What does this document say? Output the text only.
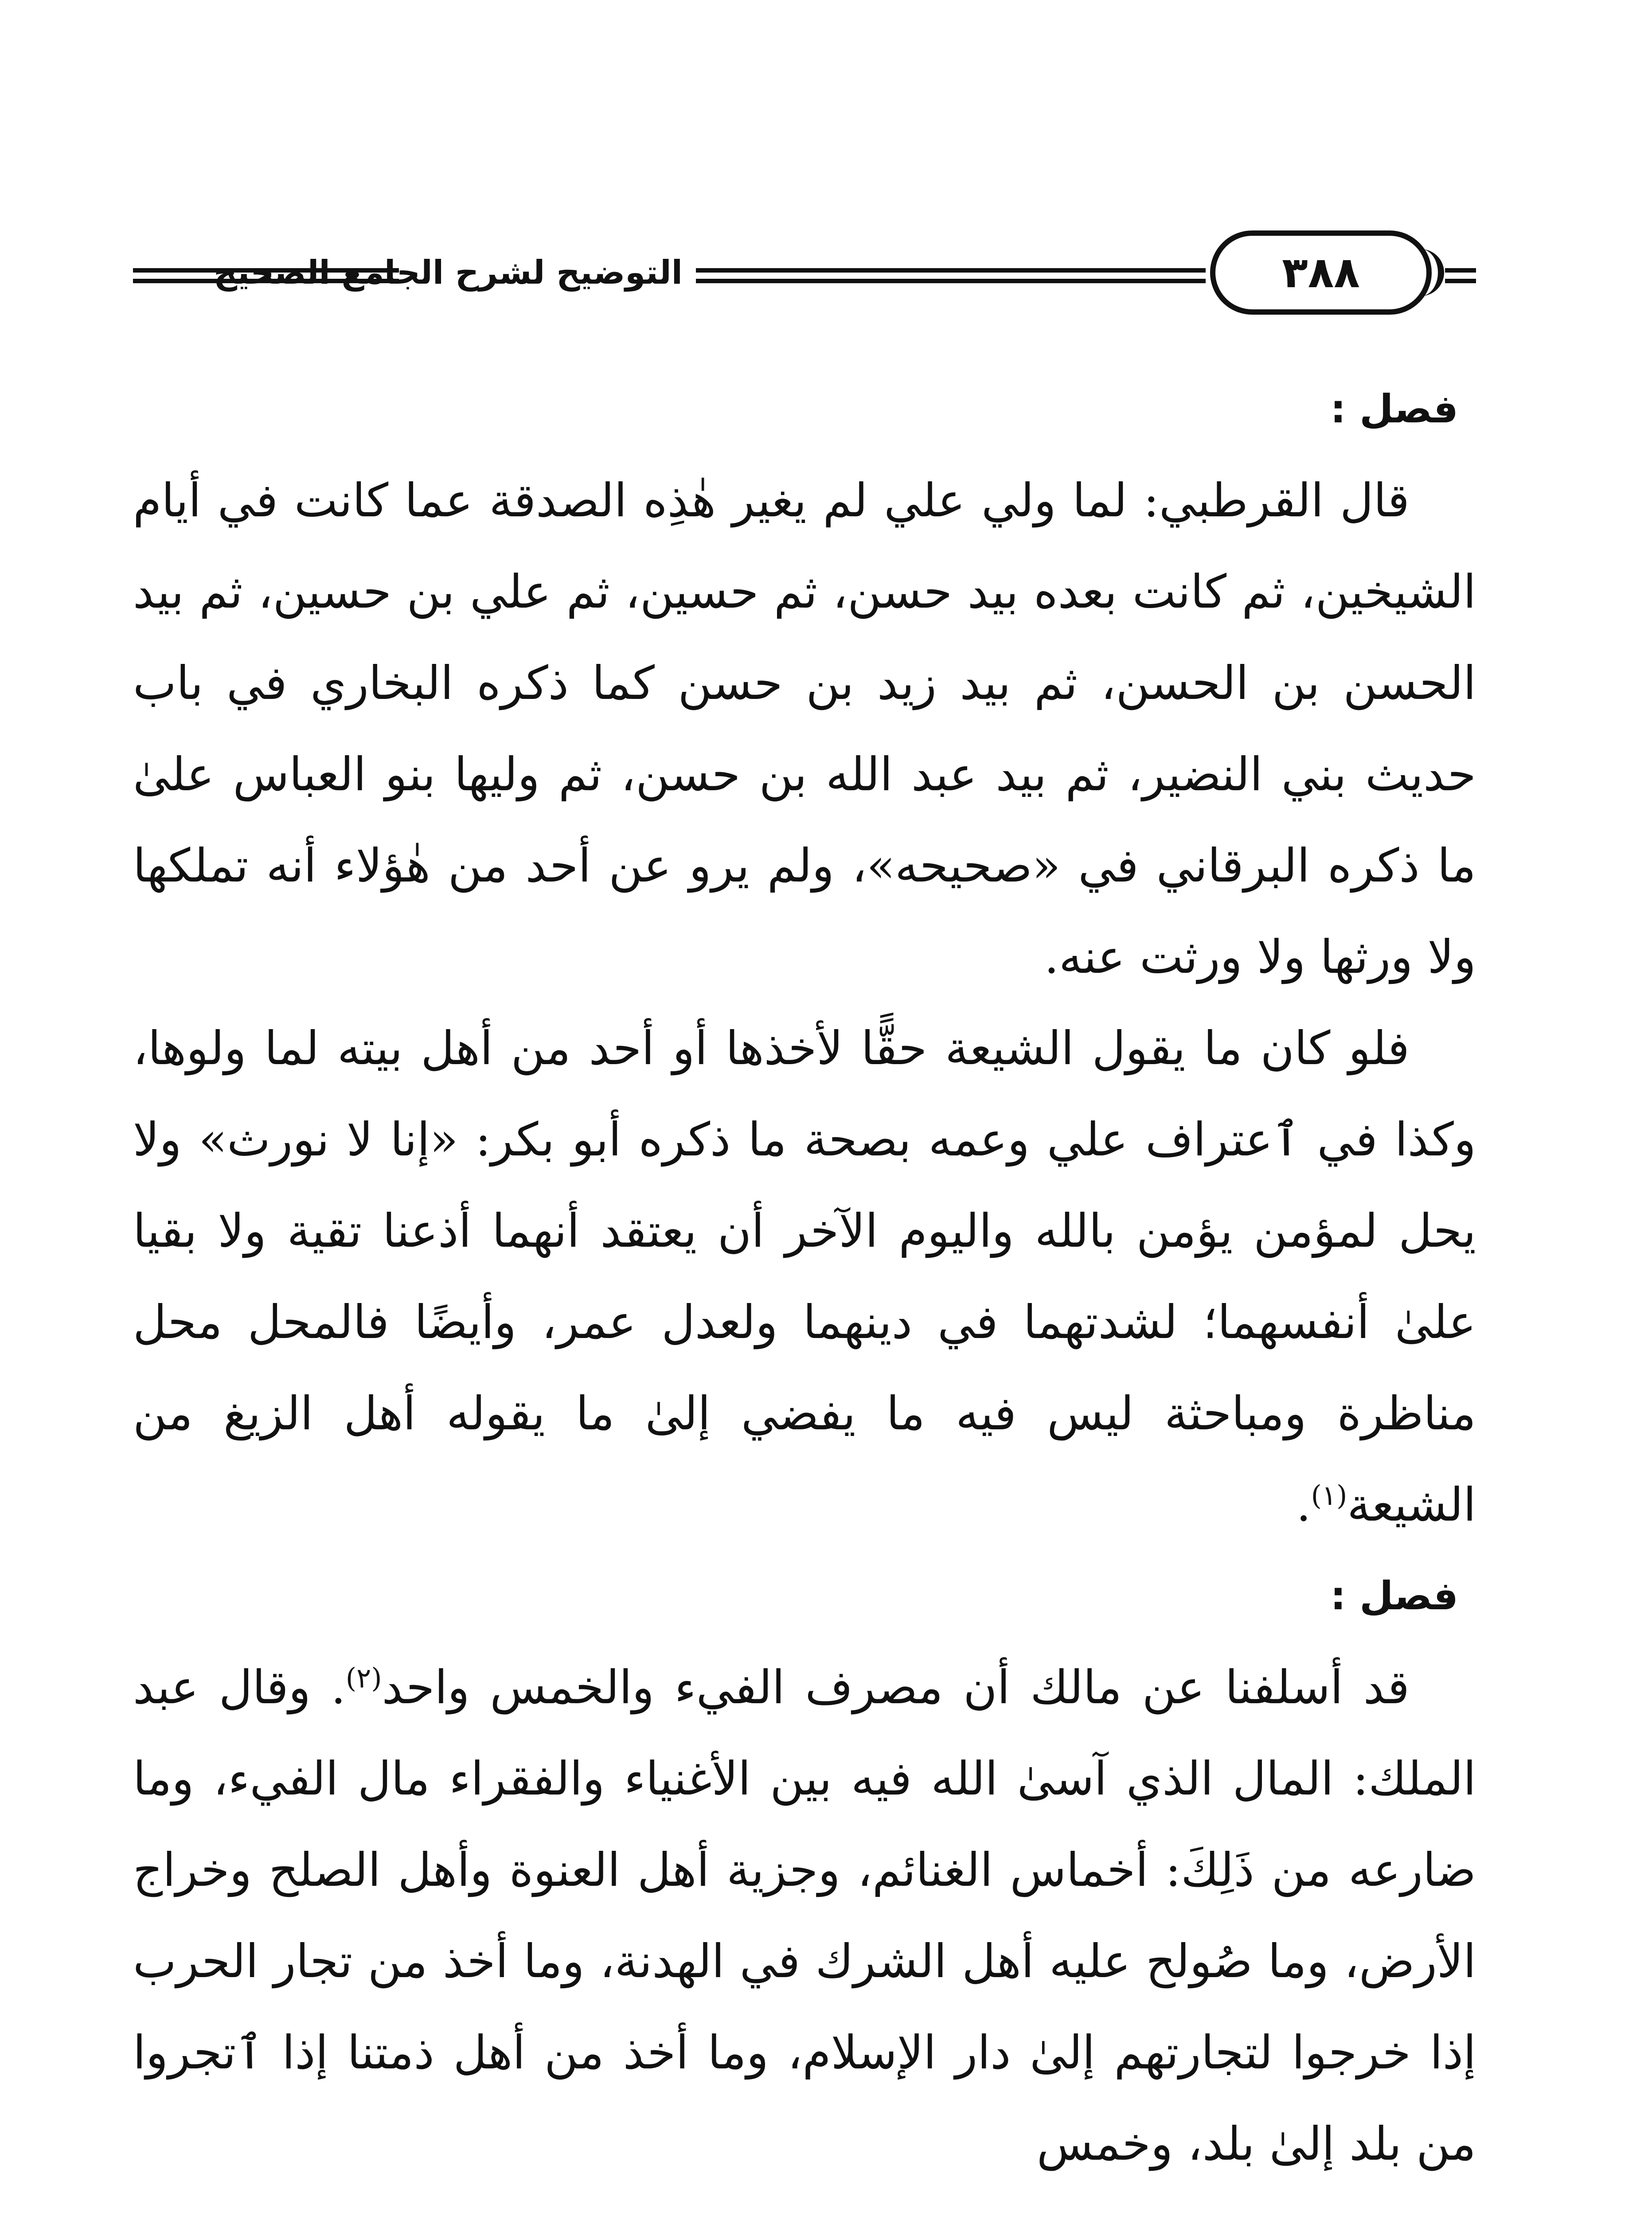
٣٨٨
التوضيح لشرح الجامع الصحيح

فصل :

قال القرطبي: لما ولي علي لم يغير هٰذِه الصدقة عما كانت في أيام الشيخين، ثم كانت بعده بيد حسن، ثم حسين، ثم علي بن حسين، ثم بيد الحسن بن الحسن، ثم بيد زيد بن حسن كما ذكره البخاري في باب حديث بني النضير، ثم بيد عبد الله بن حسن، ثم وليها بنو العباس علىٰ ما ذكره البرقاني في «صحيحه»، ولم يرو عن أحد من هٰؤلاء أنه تملكها ولا ورثها ولا ورثت عنه.

فلو كان ما يقول الشيعة حقًّا لأخذها أو أحد من أهل بيته لما ولوها، وكذا في ٱعتراف علي وعمه بصحة ما ذكره أبو بكر: «إنا لا نورث» ولا يحل لمؤمن يؤمن بالله واليوم الآخر أن يعتقد أنهما أذعنا تقية ولا بقيا علىٰ أنفسهما؛ لشدتهما في دينهما ولعدل عمر، وأيضًا فالمحل محل مناظرة ومباحثة ليس فيه ما يفضي إلىٰ ما يقوله أهل الزيغ من الشيعة$^{(١)}$.

فصل :

قد أسلفنا عن مالك أن مصرف الفيء والخمس واحد$^{(٢)}$. وقال عبد الملك: المال الذي آسىٰ الله فيه بين الأغنياء والفقراء مال الفيء، وما ضارعه من ذَلِكَ: أخماس الغنائم، وجزية أهل العنوة وأهل الصلح وخراج الأرض، وما صُولح عليه أهل الشرك في الهدنة، وما أخذ من تجار الحرب إذا خرجوا لتجارتهم إلىٰ دار الإسلام، وما أخذ من أهل ذمتنا إذا ٱتجروا من بلد إلىٰ بلد، وخمس
